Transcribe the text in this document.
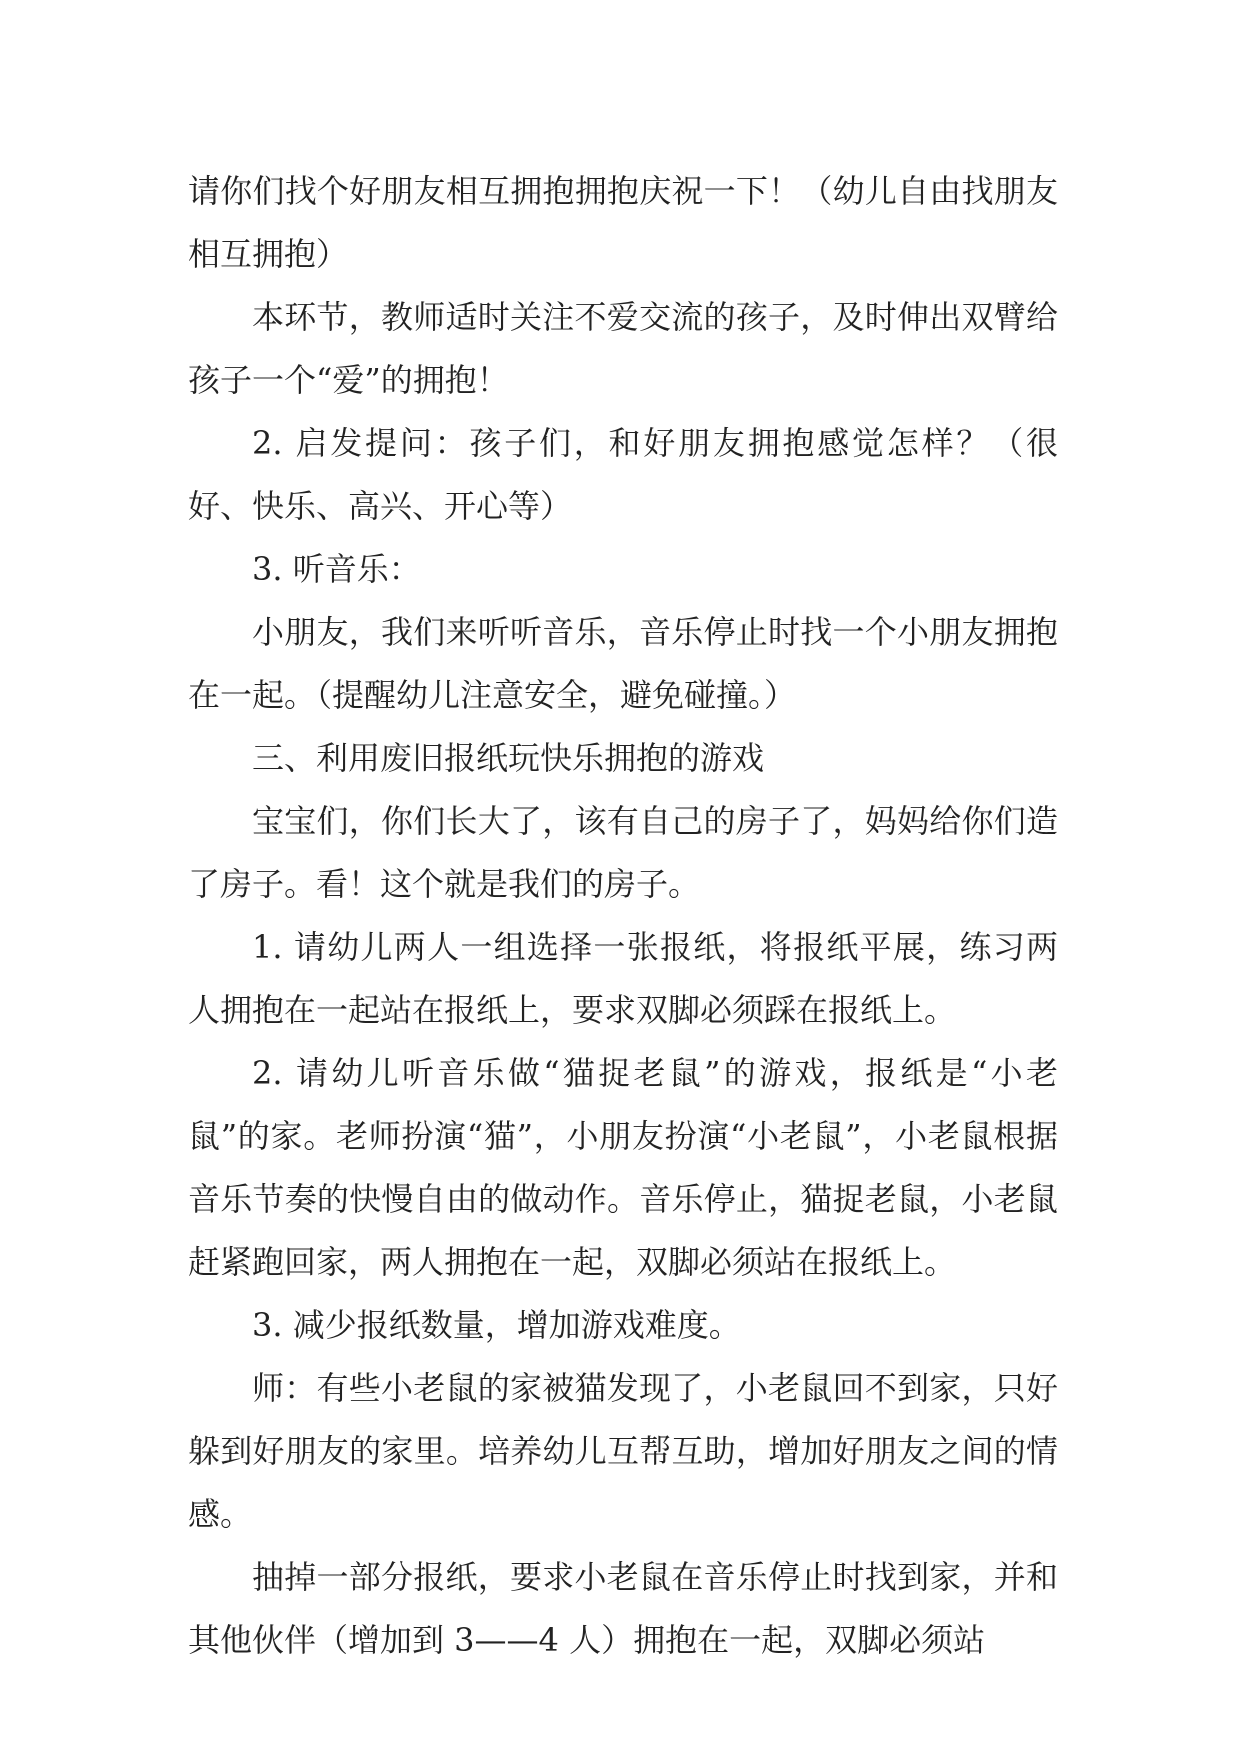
请你们找个好朋友相互拥抱拥抱庆祝一下！（幼儿自由找朋友相互拥抱）

本环节，教师适时关注不爱交流的孩子，及时伸出双臂给孩子一个“爱”的拥抱！

2. 启发提问：孩子们，和好朋友拥抱感觉怎样？（很好、快乐、高兴、开心等）

3. 听音乐：

小朋友，我们来听听音乐，音乐停止时找一个小朋友拥抱在一起。（提醒幼儿注意安全，避免碰撞。）

三、利用废旧报纸玩快乐拥抱的游戏

宝宝们，你们长大了，该有自己的房子了，妈妈给你们造了房子。看！这个就是我们的房子。

1. 请幼儿两人一组选择一张报纸，将报纸平展，练习两人拥抱在一起站在报纸上，要求双脚必须踩在报纸上。

2. 请幼儿听音乐做“猫捉老鼠”的游戏，报纸是“小老鼠”的家。老师扮演“猫”，小朋友扮演“小老鼠”，小老鼠根据音乐节奏的快慢自由的做动作。音乐停止，猫捉老鼠，小老鼠赶紧跑回家，两人拥抱在一起，双脚必须站在报纸上。

3. 减少报纸数量，增加游戏难度。

师：有些小老鼠的家被猫发现了，小老鼠回不到家，只好躲到好朋友的家里。培养幼儿互帮互助，增加好朋友之间的情感。

抽掉一部分报纸，要求小老鼠在音乐停止时找到家，并和其他伙伴（增加到 3——4 人）拥抱在一起，双脚必须站
